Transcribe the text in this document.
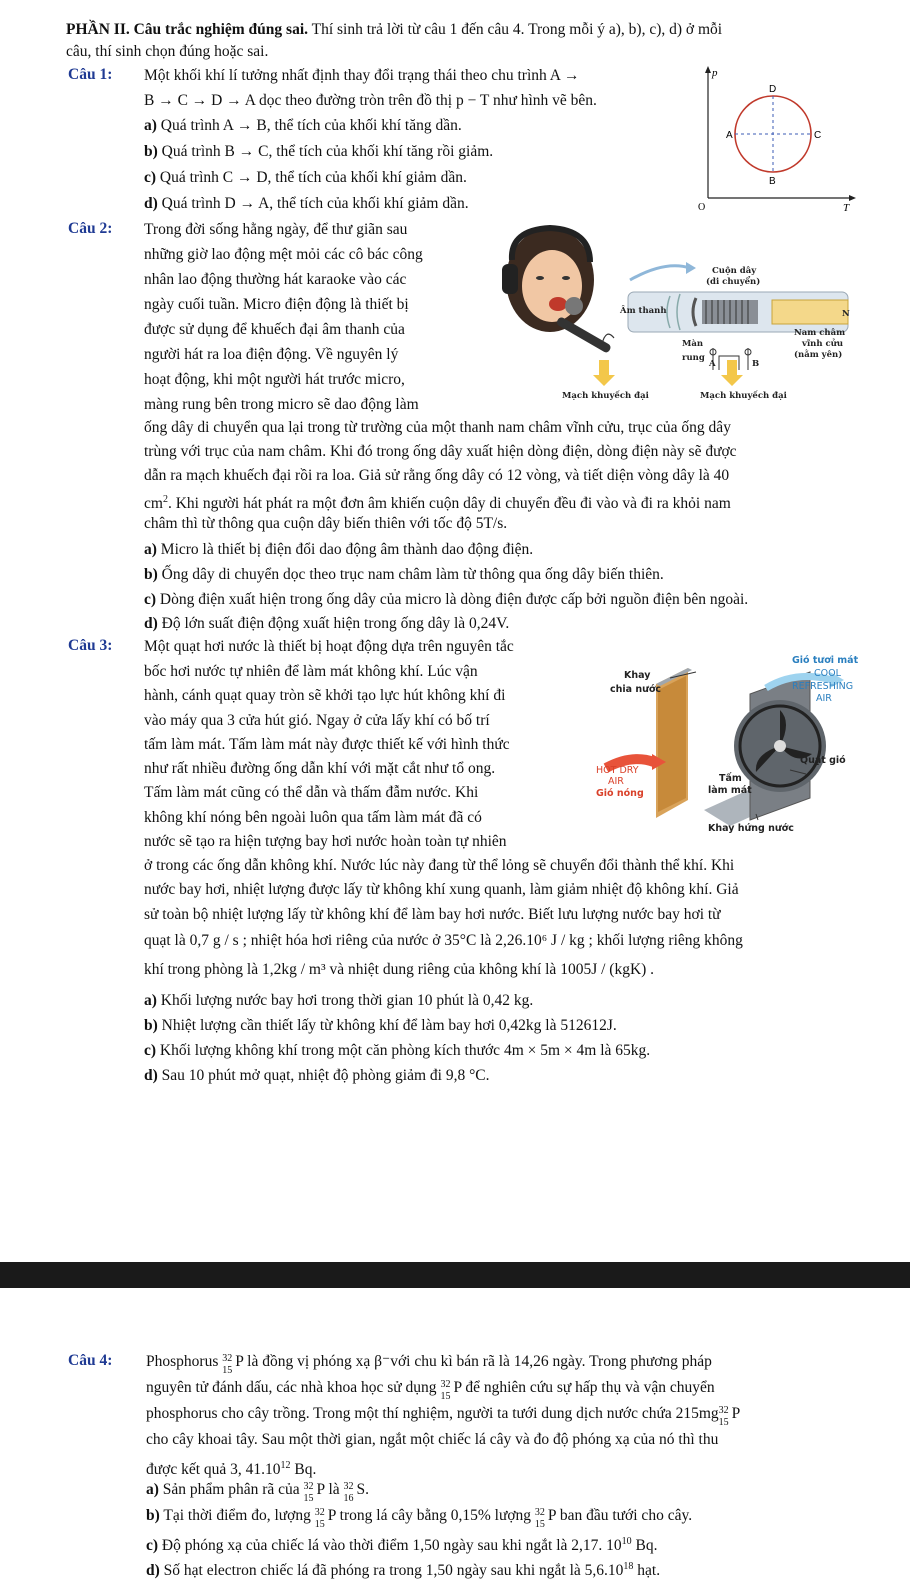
PHẦN II. Câu trắc nghiệm đúng sai. Thí sinh trả lời từ câu 1 đến câu 4. Trong mỗi ý a), b), c), d) ở mỗi
câu, thí sinh chọn đúng hoặc sai.
Câu 1: Một khối khí lí tưởng nhất định thay đổi trạng thái theo chu trình A →
B → C → D → A dọc theo đường tròn trên đồ thị p − T như hình vẽ bên.
a) Quá trình A → B, thể tích của khối khí tăng dần.
b) Quá trình B → C, thể tích của khối khí tăng rồi giảm.
c) Quá trình C → D, thể tích của khối khí giảm dần.
d) Quá trình D → A, thể tích của khối khí giảm dần.
p
T
O
A	C
D
B
Câu 2: Trong đời sống hằng ngày, để thư giãn sau
những giờ lao động mệt mỏi các cô bác công
nhân lao động thường hát karaoke vào các
ngày cuối tuần. Micro điện động là thiết bị
được sử dụng để khuếch đại âm thanh của
người hát ra loa điện động. Về nguyên lý
hoạt động, khi một người hát trước micro,
màng rung bên trong micro sẽ dao động làm
ống dây di chuyển qua lại trong từ trường của một thanh nam châm vĩnh cửu, trục của ống dây
trùng với trục của nam châm. Khi đó trong ống dây xuất hiện dòng điện, dòng điện này sẽ được
dẫn ra mạch khuếch đại rồi ra loa. Giả sử rằng ống dây có 12 vòng, và tiết diện vòng dây là 40
$cm^2$. Khi người hát phát ra một đơn âm khiến cuộn dây di chuyển đều đi vào và đi ra khỏi nam
châm thì từ thông qua cuộn dây biến thiên với tốc độ 5T/s.
a) Micro là thiết bị điện đổi dao động âm thành dao động điện.
b) Ống dây di chuyển dọc theo trục nam châm làm từ thông qua ống dây biến thiên.
c) Dòng điện xuất hiện trong ống dây của micro là dòng điện được cấp bởi nguồn điện bên ngoài.
d) Độ lớn suất điện động xuất hiện trong ống dây là 0,24V.
Cuộn dây
(di chuyển)
Âm thanh	N
Nam châm
vĩnh cửu
(nằm yên)
Màn
rung
A	B
Mạch khuyếch đại	Mạch khuyếch đại
Câu 3: Một quạt hơi nước là thiết bị hoạt động dựa trên nguyên tắc
bốc hơi nước tự nhiên để làm mát không khí. Lúc vận
hành, cánh quạt quay tròn sẽ khởi tạo lực hút không khí đi
vào máy qua 3 cửa hút gió. Ngay ở cửa lấy khí có bố trí
tấm làm mát. Tấm làm mát này được thiết kế với hình thức
như rất nhiều đường ống dẫn khí với mặt cắt như tổ ong.
Tấm làm mát cũng có thể dẫn và thấm đẫm nước. Khi
không khí nóng bên ngoài luôn qua tấm làm mát đã có
nước sẽ tạo ra hiện tượng bay hơi nước hoàn toàn tự nhiên
ở trong các ống dẫn không khí. Nước lúc này đang từ thể lỏng sẽ chuyển đổi thành thể khí. Khi
nước bay hơi, nhiệt lượng được lấy từ không khí xung quanh, làm giảm nhiệt độ không khí. Giả
sử toàn bộ nhiệt lượng lấy từ không khí để làm bay hơi nước. Biết lưu lượng nước bay hơi từ
quạt là 0,7 g / s ; nhiệt hóa hơi riêng của nước ở 35°C là 2,26.10⁶ J / kg ; khối lượng riêng không
khí trong phòng là 1,2kg / m³ và nhiệt dung riêng của không khí là 1005J / (kgK) .
a) Khối lượng nước bay hơi trong thời gian 10 phút là 0,42 kg.
b) Nhiệt lượng cần thiết lấy từ không khí để làm bay hơi 0,42kg là 512612J.
c) Khối lượng không khí trong một căn phòng kích thước 4m × 5m × 4m là 65kg.
d) Sau 10 phút mở quạt, nhiệt độ phòng giảm đi 9,8 °C.
Khay
chia nước
Gió tươi mát
COOL
REFRESHING
AIR
HOT DRY
AIR
Gió nóng
Quạt gió
Tấm
làm mát
Khay hứng nước
Câu 4: Phosphorus 32
15
P là đồng vị phóng xạ β⁻với chu kì bán rã là 14,26 ngày. Trong phương pháp
nguyên tử đánh dấu, các nhà khoa học sử dụng 32
15
P để nghiên cứu sự hấp thụ và vận chuyển
phosphorus cho cây trồng. Trong một thí nghiệm, người ta tưới dung dịch nước chứa 215mg 32
15
P
cho cây khoai tây. Sau một thời gian, ngắt một chiếc lá cây và đo độ phóng xạ của nó thì thu
được kết quả 3, 41.10$^{12}$ Bq.
a) Sản phẩm phân rã của 32
15
P là 32
16
S.
b) Tại thời điểm đo, lượng 32
15
P trong lá cây bằng 0,15% lượng 32
15
P ban đầu tưới cho cây.
c) Độ phóng xạ của chiếc lá vào thời điểm 1,50 ngày sau khi ngắt là 2,17. $10^{10}$ Bq.
d) Số hạt electron chiếc lá đã phóng ra trong 1,50 ngày sau khi ngắt là 5,6.10$^{18}$ hạt.
